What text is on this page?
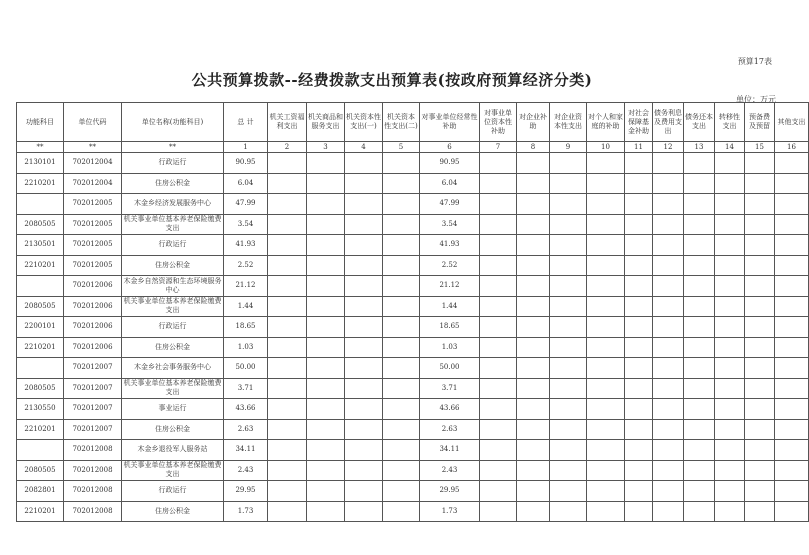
预算17表
公共预算拨款--经费拨款支出预算表(按政府预算经济分类)
单位：万元
功能科目	单位代码	单位名称(功能科目)	总 计	机关工资福利支出	机关商品和服务支出	机关资本性支出(一)	机关资本性支出(二)	对事业单位经常性补助	对事业单位资本性补助	对企业补助	对企业资本性支出	对个人和家庭的补助	对社会保障基金补助	债务利息及费用支出	债务还本支出	转移性支出	预备费及预留	其他支出
**	**	**	1	2	3	4	5	6	7	8	9	10	11	12	13	14	15	16
2130101	702012004	行政运行	90.95					90.95										
2210201	702012004	住房公积金	6.04					6.04										
	702012005	木金乡经济发展服务中心	47.99					47.99										
2080505	702012005	机关事业单位基本养老保险缴费支出	3.54					3.54										
2130501	702012005	行政运行	41.93					41.93										
2210201	702012005	住房公积金	2.52					2.52										
	702012006	木金乡自然资源和生态环境服务中心	21.12					21.12										
2080505	702012006	机关事业单位基本养老保险缴费支出	1.44					1.44										
2200101	702012006	行政运行	18.65					18.65										
2210201	702012006	住房公积金	1.03					1.03										
	702012007	木金乡社会事务服务中心	50.00					50.00										
2080505	702012007	机关事业单位基本养老保险缴费支出	3.71					3.71										
2130550	702012007	事业运行	43.66					43.66										
2210201	702012007	住房公积金	2.63					2.63										
	702012008	木金乡退役军人服务站	34.11					34.11										
2080505	702012008	机关事业单位基本养老保险缴费支出	2.43					2.43										
2082801	702012008	行政运行	29.95					29.95										
2210201	702012008	住房公积金	1.73					1.73										
